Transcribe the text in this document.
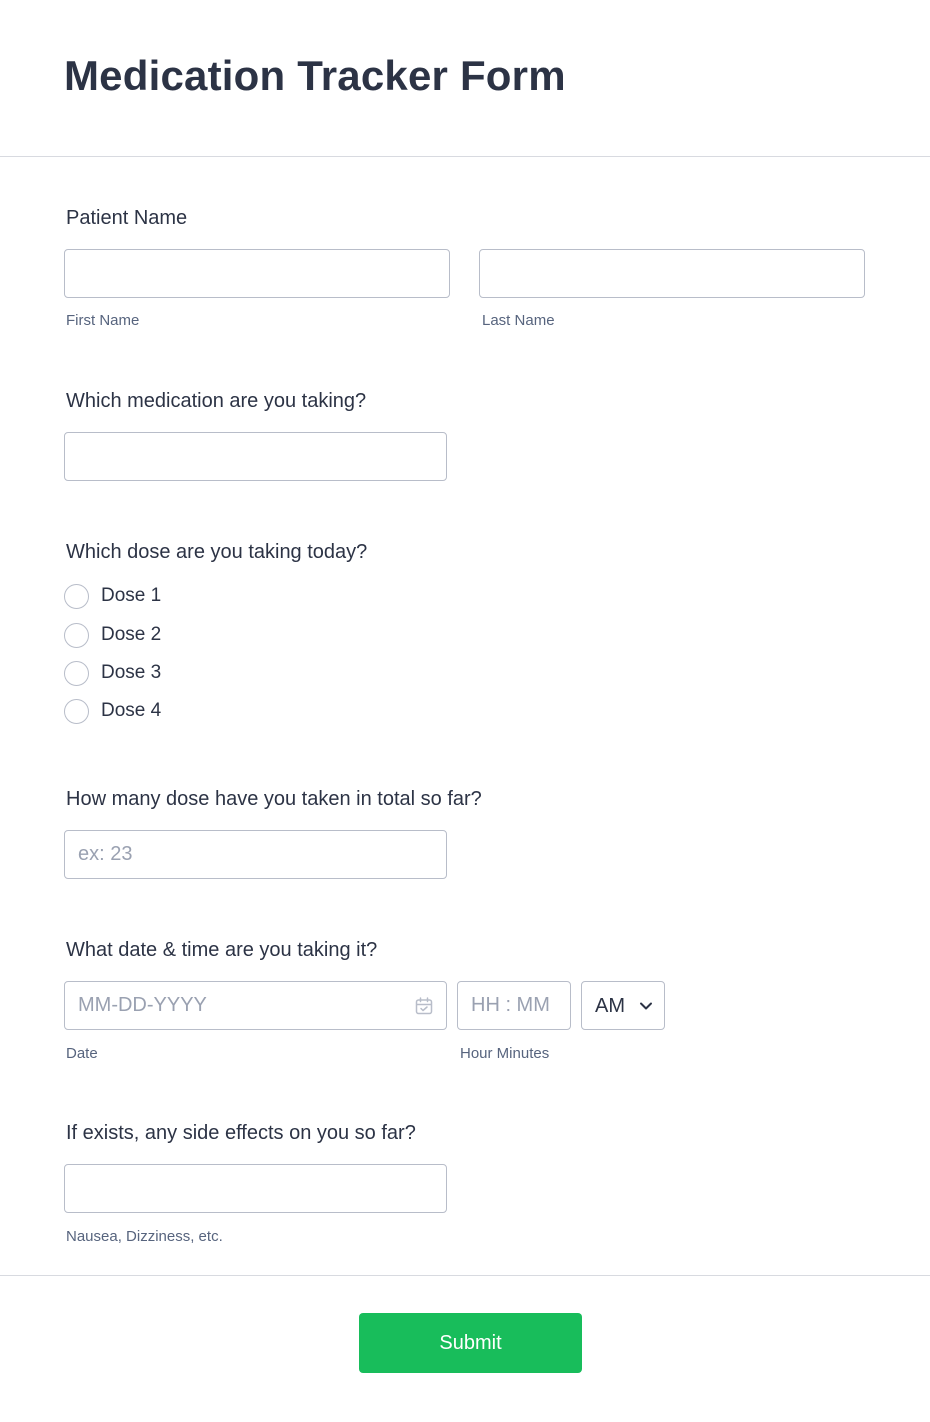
Medication Tracker Form
Patient Name
First Name	Last Name
Which medication are you taking?
Which dose are you taking today?
Dose 1
Dose 2
Dose 3
Dose 4
How many dose have you taken in total so far?
ex: 23
What date & time are you taking it?
MM-DD-YYYY
Date
HH : MM	Hour Minutes
AM
If exists, any side effects on you so far?
Nausea, Dizziness, etc.
Submit
